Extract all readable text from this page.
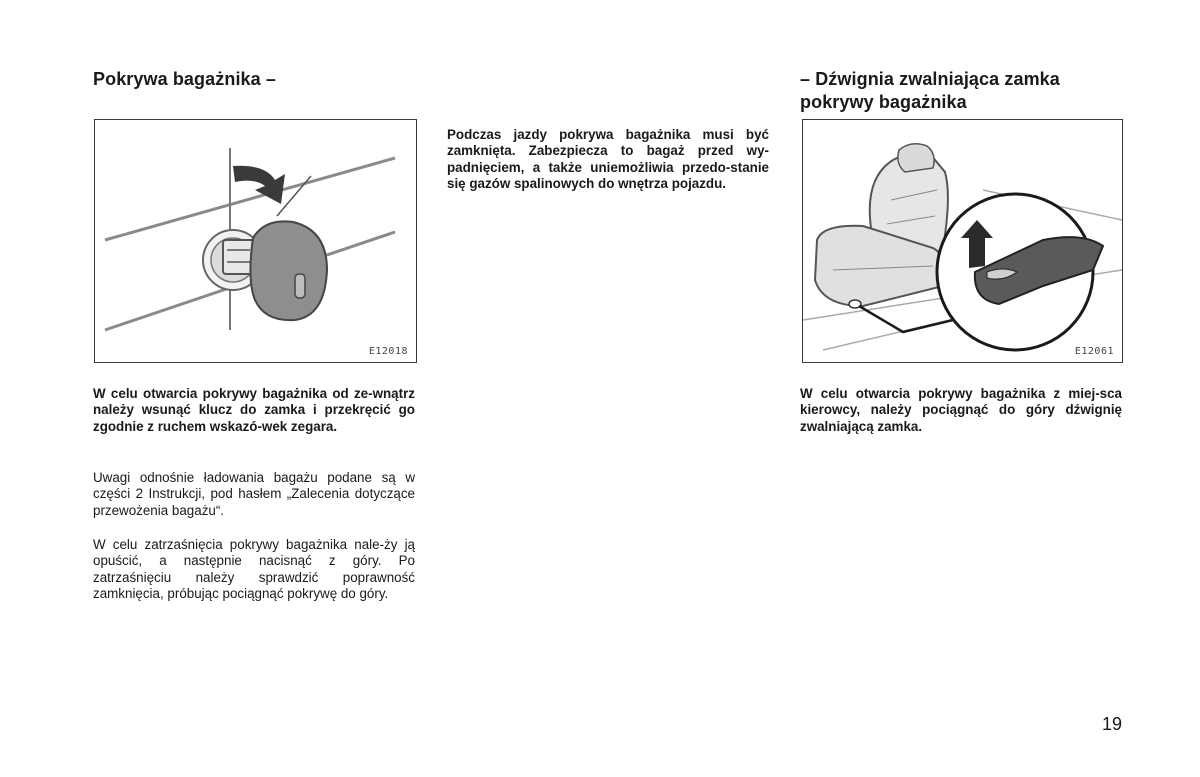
Pokrywa bagażnika –
E12018

W celu otwarcia pokrywy bagażnika od ze-wnątrz należy wsunąć klucz do zamka i przekręcić go zgodnie z ruchem wskazó-wek zegara.

Uwagi odnośnie ładowania bagażu podane są w części 2 Instrukcji, pod hasłem „Zalecenia dotyczące przewożenia bagażu“.

W celu zatrzaśnięcia pokrywy bagażnika nale-ży ją opuścić, a następnie nacisnąć z góry. Po zatrzaśnięciu należy sprawdzić poprawność zamknięcia, próbując pociągnąć pokrywę do góry.

Podczas jazdy pokrywa bagażnika musi być zamknięta. Zabezpiecza to bagaż przed wy-padnięciem, a także uniemożliwia przedo-stanie się gazów spalinowych do wnętrza pojazdu.

– Dźwignia zwalniająca zamka
pokrywy bagażnika
E12061

W celu otwarcia pokrywy bagażnika z miej-sca kierowcy, należy pociągnąć do góry dźwignię zwalniającą zamka.

19
